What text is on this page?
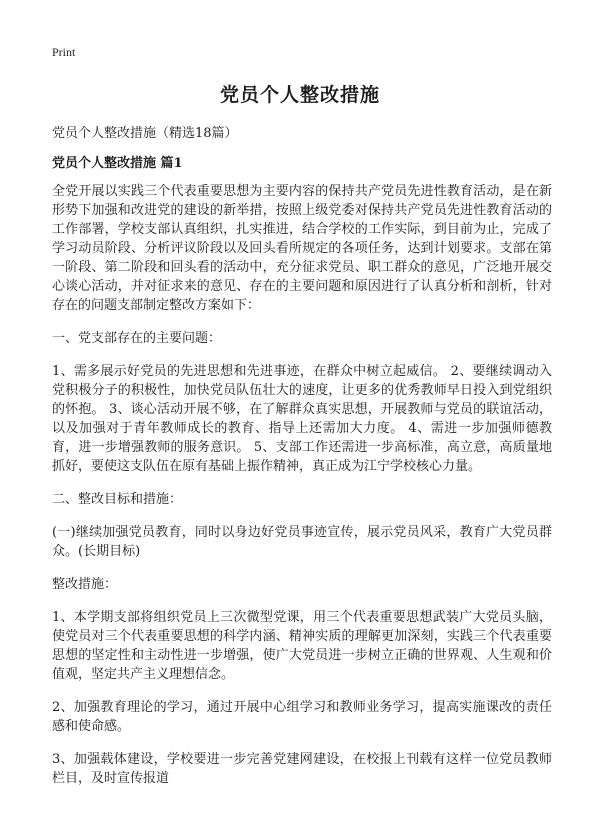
Print
党员个人整改措施
党员个人整改措施（精选18篇）
党员个人整改措施 篇1

全党开展以实践三个代表重要思想为主要内容的保持共产党员先进性教育活动，是在新形势下加强和改进党的建设的新举措，按照上级党委对保持共产党员先进性教育活动的工作部署，学校支部认真组织，扎实推进，结合学校的工作实际，到目前为止，完成了学习动员阶段、分析评议阶段以及回头看所规定的各项任务，达到计划要求。支部在第一阶段、第二阶段和回头看的活动中，充分征求党员、职工群众的意见，广泛地开展交心谈心活动，并对征求来的意见、存在的主要问题和原因进行了认真分析和剖析，针对存在的问题支部制定整改方案如下：

一、党支部存在的主要问题：

1、需多展示好党员的先进思想和先进事迹，在群众中树立起威信。 2、要继续调动入党积极分子的积极性，加快党员队伍壮大的速度，让更多的优秀教师早日投入到党组织的怀抱。 3、谈心活动开展不够，在了解群众真实思想，开展教师与党员的联谊活动，以及加强对于青年教师成长的教育、指导上还需加大力度。 4、需进一步加强师德教育，进一步增强教师的服务意识。 5、支部工作还需进一步高标准，高立意，高质量地抓好，要使这支队伍在原有基础上振作精神，真正成为江宁学校核心力量。

二、整改目标和措施：

(一)继续加强党员教育，同时以身边好党员事迹宣传，展示党员风采，教育广大党员群众。(长期目标)

整改措施：

1、本学期支部将组织党员上三次微型党课，用三个代表重要思想武装广大党员头脑，使党员对三个代表重要思想的科学内涵、精神实质的理解更加深刻，实践三个代表重要思想的坚定性和主动性进一步增强，使广大党员进一步树立正确的世界观、人生观和价值观，坚定共产主义理想信念。

2、加强教育理论的学习，通过开展中心组学习和教师业务学习，提高实施课改的责任感和使命感。

3、加强载体建设，学校要进一步完善党建网建设，在校报上刊载有这样一位党员教师栏目，及时宣传报道
